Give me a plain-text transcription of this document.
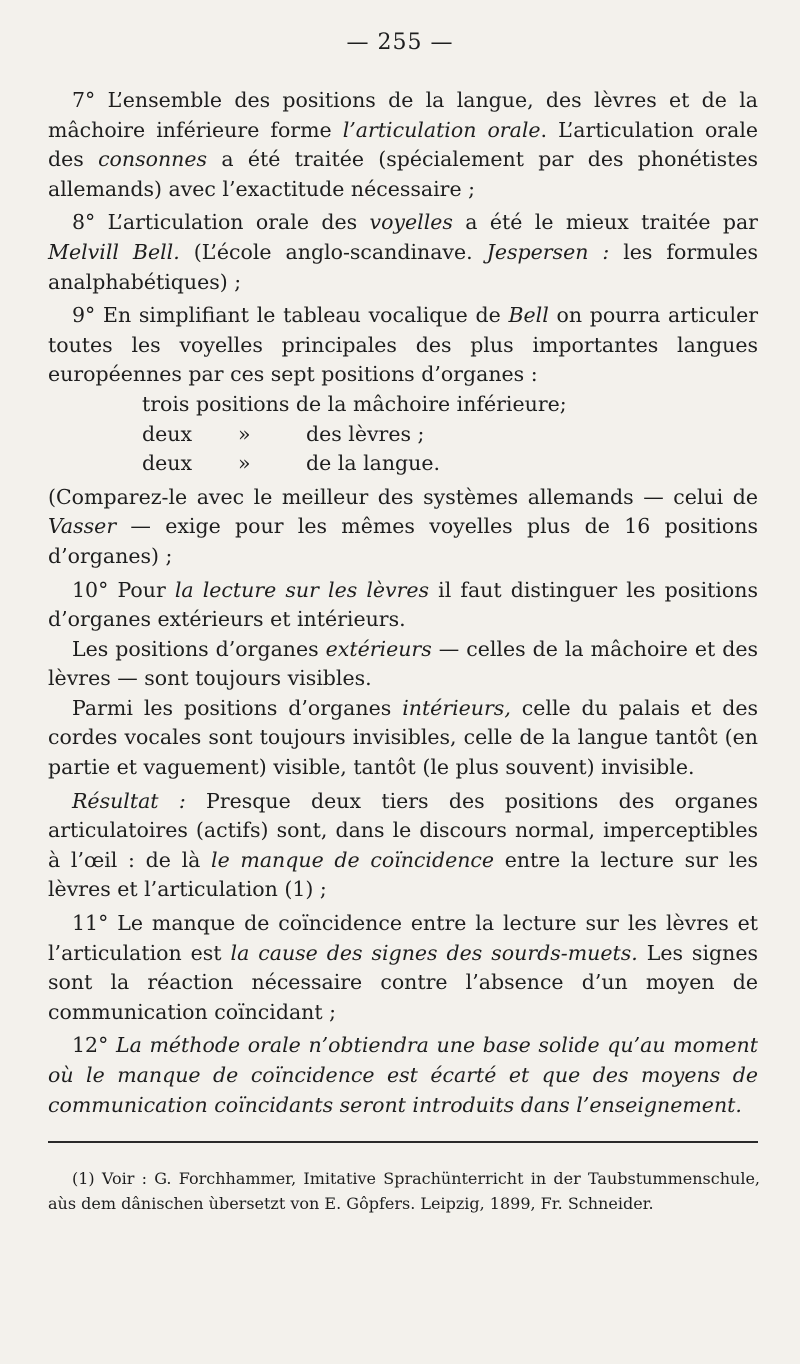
— 255 —

7° L’ensemble des positions de la langue, des lèvres et de la mâchoire inférieure forme l’articulation orale. L’articulation orale des consonnes a été traitée (spécialement par des phonétistes allemands) avec l’exactitude nécessaire ;

8° L’articulation orale des voyelles a été le mieux traitée par Melvill Bell. (L’école anglo-scandinave. Jespersen : les formules analphabétiques) ;

9° En simplifiant le tableau vocalique de Bell on pourra articuler toutes les voyelles principales des plus importantes langues européennes par ces sept positions d’organes :

trois positions de la mâchoire inférieure;
deux	»	des lèvres ;
deux	»	de la langue.

(Comparez-le avec le meilleur des systèmes allemands — celui de Vasser — exige pour les mêmes voyelles plus de 16 positions d’organes) ;

10° Pour la lecture sur les lèvres il faut distinguer les positions d’organes extérieurs et intérieurs.

Les positions d’organes extérieurs — celles de la mâchoire et des lèvres — sont toujours visibles.

Parmi les positions d’organes intérieurs, celle du palais et des cordes vocales sont toujours invisibles, celle de la langue tantôt (en partie et vaguement) visible, tantôt (le plus souvent) invisible.

Résultat : Presque deux tiers des positions des organes articulatoires (actifs) sont, dans le discours normal, imperceptibles à l’œil : de là le manque de coïncidence entre la lecture sur les lèvres et l’articulation (1) ;

11° Le manque de coïncidence entre la lecture sur les lèvres et l’articulation est la cause des signes des sourds-muets. Les signes sont la réaction nécessaire contre l’absence d’un moyen de communication coïncidant ;

12° La méthode orale n’obtiendra une base solide qu’au moment où le manque de coïncidence est écarté et que des moyens de communication coïncidants seront introduits dans l’enseignement.

(1) Voir : G. Forchhammer, Imitative Sprachünterricht in der Taubstummenschule, aùs dem dânischen ùbersetzt von E. Gôpfers. Leipzig, 1899, Fr. Schneider.
